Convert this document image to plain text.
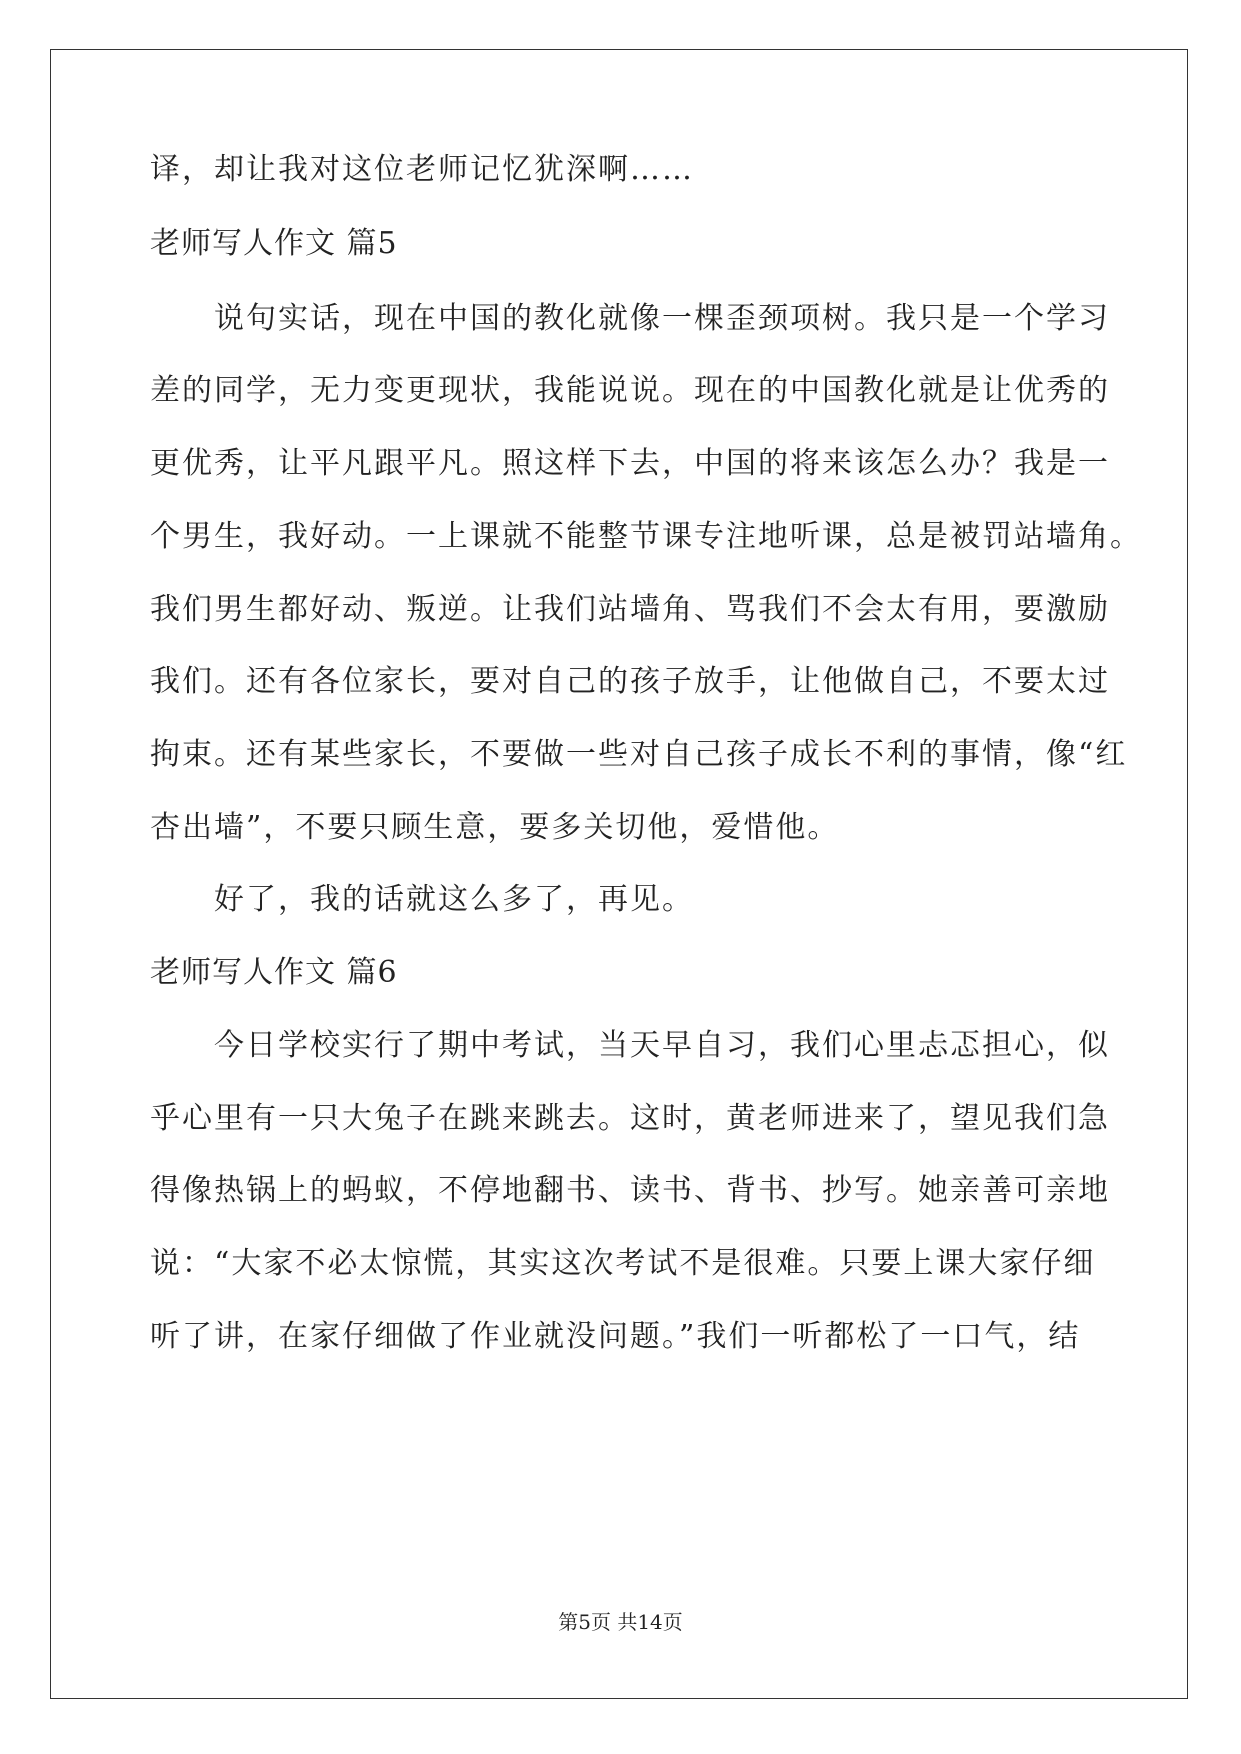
译，却让我对这位老师记忆犹深啊……
老师写人作文 篇5
说句实话，现在中国的教化就像一棵歪颈项树。我只是一个学习
差的同学，无力变更现状，我能说说。现在的中国教化就是让优秀的
更优秀，让平凡跟平凡。照这样下去，中国的将来该怎么办？我是一
个男生，我好动。一上课就不能整节课专注地听课，总是被罚站墙角。
我们男生都好动、叛逆。让我们站墙角、骂我们不会太有用，要激励
我们。还有各位家长，要对自己的孩子放手，让他做自己，不要太过
拘束。还有某些家长，不要做一些对自己孩子成长不利的事情，像“红
杏出墙”，不要只顾生意，要多关切他，爱惜他。
好了，我的话就这么多了，再见。
老师写人作文 篇6
今日学校实行了期中考试，当天早自习，我们心里忐忑担心，似
乎心里有一只大兔子在跳来跳去。这时，黄老师进来了，望见我们急
得像热锅上的蚂蚁，不停地翻书、读书、背书、抄写。她亲善可亲地
说：“大家不必太惊慌，其实这次考试不是很难。只要上课大家仔细
听了讲，在家仔细做了作业就没问题。”我们一听都松了一口气，结
第5页 共14页
